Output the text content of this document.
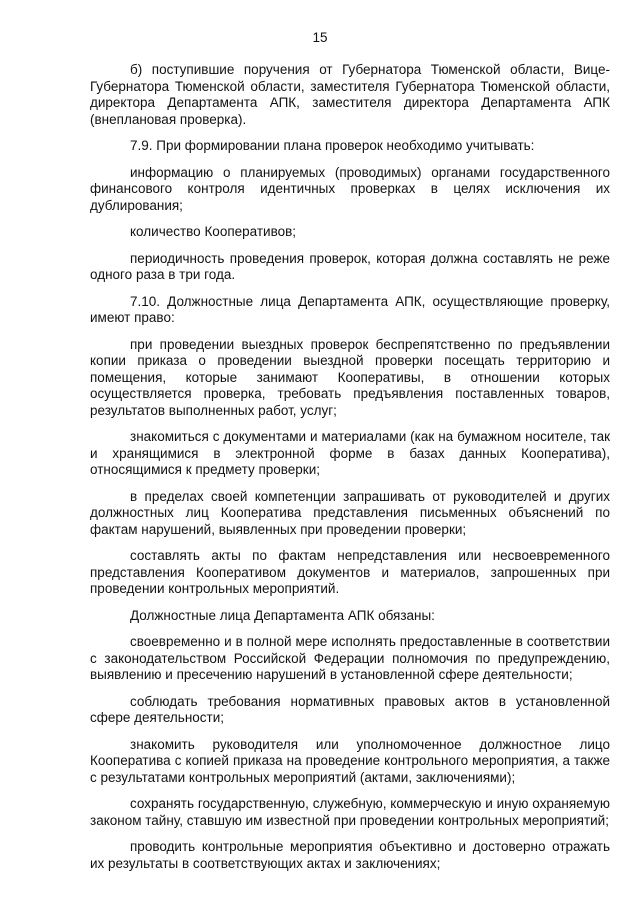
15

б) поступившие поручения от Губернатора Тюменской области, Вице-Губернатора Тюменской области, заместителя Губернатора Тюменской области, директора Департамента АПК, заместителя директора Департамента АПК (внеплановая проверка).

7.9. При формировании плана проверок необходимо учитывать:

информацию о планируемых (проводимых) органами государственного финансового контроля идентичных проверках в целях исключения их дублирования;

количество Кооперативов;

периодичность проведения проверок, которая должна составлять не реже одного раза в три года.

7.10. Должностные лица Департамента АПК, осуществляющие проверку, имеют право:

при проведении выездных проверок беспрепятственно по предъявлении копии приказа о проведении выездной проверки посещать территорию и помещения, которые занимают Кооперативы, в отношении которых осуществляется проверка, требовать предъявления поставленных товаров, результатов выполненных работ, услуг;

знакомиться с документами и материалами (как на бумажном носителе, так и хранящимися в электронной форме в базах данных Кооператива), относящимися к предмету проверки;

в пределах своей компетенции запрашивать от руководителей и других должностных лиц Кооператива представления письменных объяснений по фактам нарушений, выявленных при проведении проверки;

составлять акты по фактам непредставления или несвоевременного представления Кооперативом документов и материалов, запрошенных при проведении контрольных мероприятий.

Должностные лица Департамента АПК обязаны:

своевременно и в полной мере исполнять предоставленные в соответствии с законодательством Российской Федерации полномочия по предупреждению, выявлению и пресечению нарушений в установленной сфере деятельности;

соблюдать требования нормативных правовых актов в установленной сфере деятельности;

знакомить руководителя или уполномоченное должностное лицо Кооператива с копией приказа на проведение контрольного мероприятия, а также с результатами контрольных мероприятий (актами, заключениями);

сохранять государственную, служебную, коммерческую и иную охраняемую законом тайну, ставшую им известной при проведении контрольных мероприятий;

проводить контрольные мероприятия объективно и достоверно отражать их результаты в соответствующих актах и заключениях;
